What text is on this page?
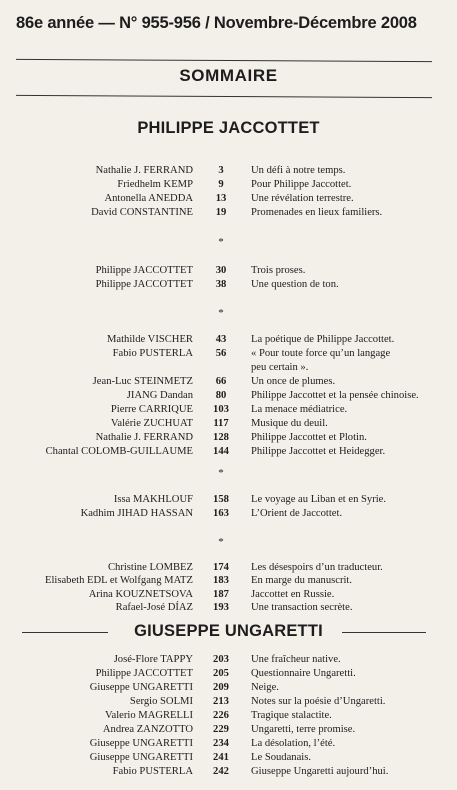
86e année — N° 955-956 / Novembre-Décembre 2008
SOMMAIRE
PHILIPPE JACCOTTET
*
*
*
*
GIUSEPPE UNGARETTI
Nathalie J. FERRAND	3	Un défi à notre temps.
Friedhelm KEMP	9	Pour Philippe Jaccottet.
Antonella ANEDDA	13	Une révélation terrestre.
David CONSTANTINE	19	Promenades en lieux familiers.
Philippe JACCOTTET	30	Trois proses.
Philippe JACCOTTET	38	Une question de ton.
Mathilde VISCHER	43	La poétique de Philippe Jaccottet.
Fabio PUSTERLA	56	« Pour toute force qu’un langage
peu certain ».
Jean-Luc STEINMETZ	66	Un once de plumes.
JIANG Dandan	80	Philippe Jaccottet et la pensée chinoise.
Pierre CARRIQUE	103	La menace médiatrice.
Valérie ZUCHUAT	117	Musique du deuil.
Nathalie J. FERRAND	128	Philippe Jaccottet et Plotin.
Chantal COLOMB-GUILLAUME	144	Philippe Jaccottet et Heidegger.
Issa MAKHLOUF	158	Le voyage au Liban et en Syrie.
Kadhim JIHAD HASSAN	163	L’Orient de Jaccottet.
Christine LOMBEZ	174	Les désespoirs d’un traducteur.
Elisabeth EDL et Wolfgang MATZ	183	En marge du manuscrit.
Arina KOUZNETSOVA	187	Jaccottet en Russie.
Rafael-José DÍAZ	193	Une transaction secrète.
José-Flore TAPPY	203	Une fraîcheur native.
Philippe JACCOTTET	205	Questionnaire Ungaretti.
Giuseppe UNGARETTI	209	Neige.
Sergio SOLMI	213	Notes sur la poésie d’Ungaretti.
Valerio MAGRELLI	226	Tragique stalactite.
Andrea ZANZOTTO	229	Ungaretti, terre promise.
Giuseppe UNGARETTI	234	La désolation, l’été.
Giuseppe UNGARETTI	241	Le Soudanais.
Fabio PUSTERLA	242	Giuseppe Ungaretti aujourd’hui.
